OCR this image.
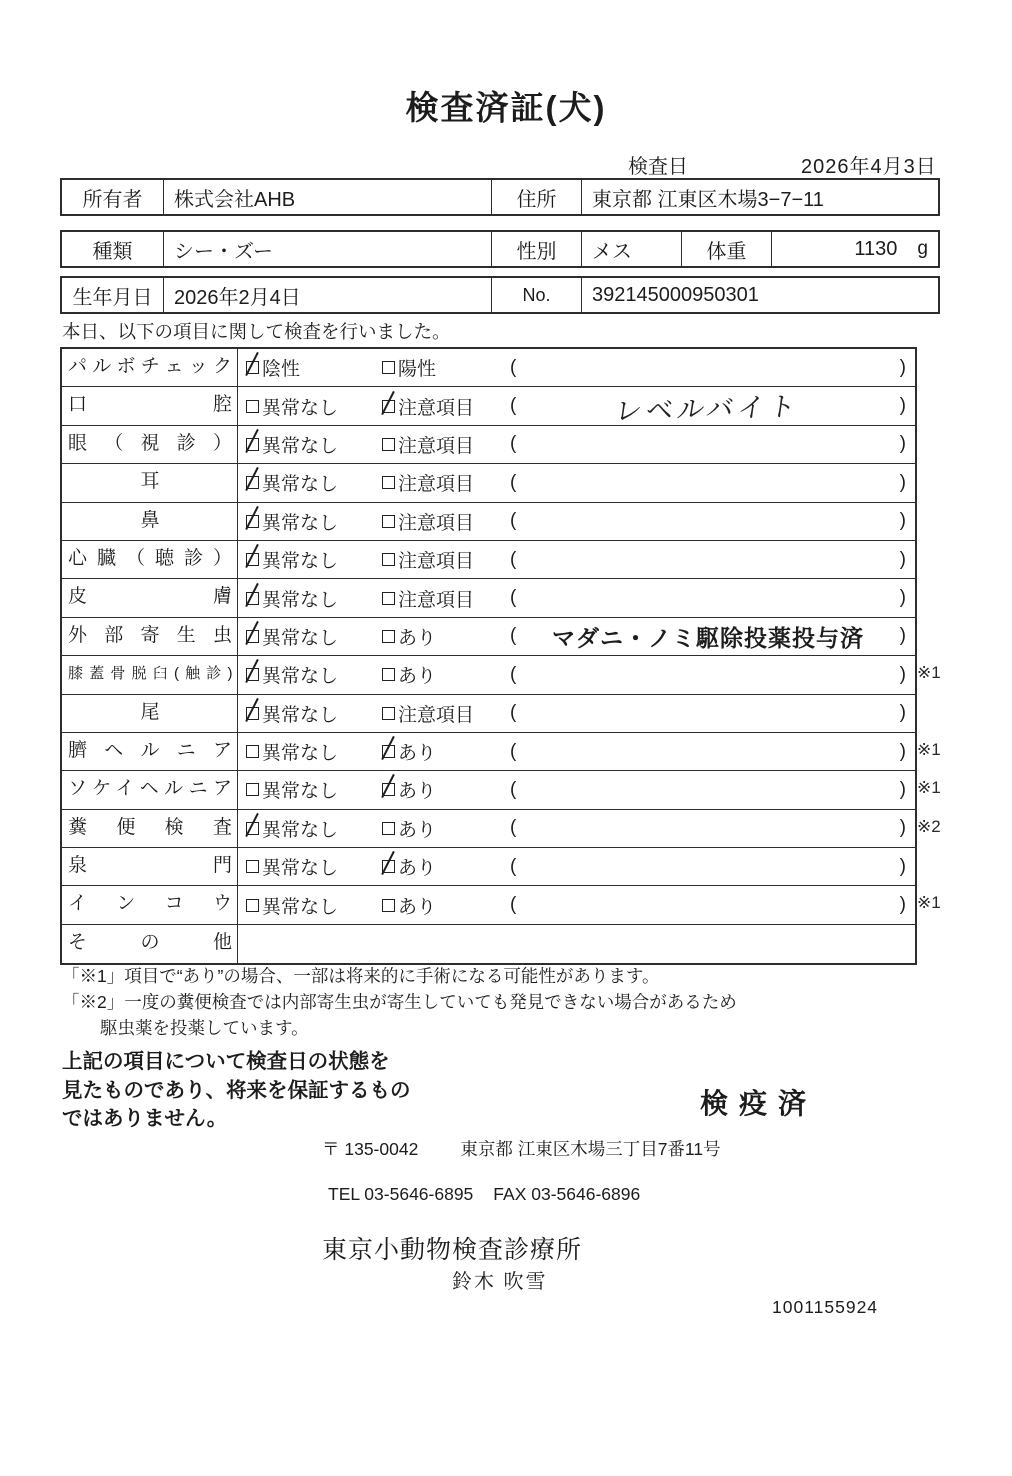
検査済証(犬)
検査日	2026年4月3日
所有者	株式会社AHB	住所	東京都 江東区木場3−7−11
種類	シー・ズー	性別	メス	体重	1130 g
生年月日	2026年2月4日	No.	392145000950301
本日、以下の項目に関して検査を行いました。
パルボチェック	陰性	陽性	(	)
口腔	異常なし	注意項目 (	レベルバイト	)
眼（視診）	異常なし	注意項目 (	)
耳	異常なし	注意項目 (	)
鼻	異常なし	注意項目 (	)
心臓（聴診）	異常なし	注意項目 (	)
皮膚	異常なし	注意項目 (	)
外部寄生虫	異常なし	あり	(	マダニ・ノミ駆除投薬投与済	)
膝蓋骨脱臼(触診)	異常なし	あり	(	) ※1
尾	異常なし	注意項目 (	)
臍ヘルニア	異常なし	あり	(	) ※1
ソケイヘルニア	異常なし	あり	(	) ※1
糞便検査	異常なし	あり	(	) ※2
泉門	異常なし	あり	(	)
インコウ	異常なし	あり	(	) ※1
その他
「※1」項目で“あり”の場合、一部は将来的に手術になる可能性があります。
「※2」一度の糞便検査では内部寄生虫が寄生していても発見できない場合があるため
駆虫薬を投薬しています。
上記の項目について検査日の状態を
見たものであり、将来を保証するもの
ではありません。	検疫済
〒 135-0042 東京都 江東区木場三丁目7番11号
TEL 03-5646-6895 FAX 03-5646-6896
東京小動物検査診療所
鈴木 吹雪
1001155924
